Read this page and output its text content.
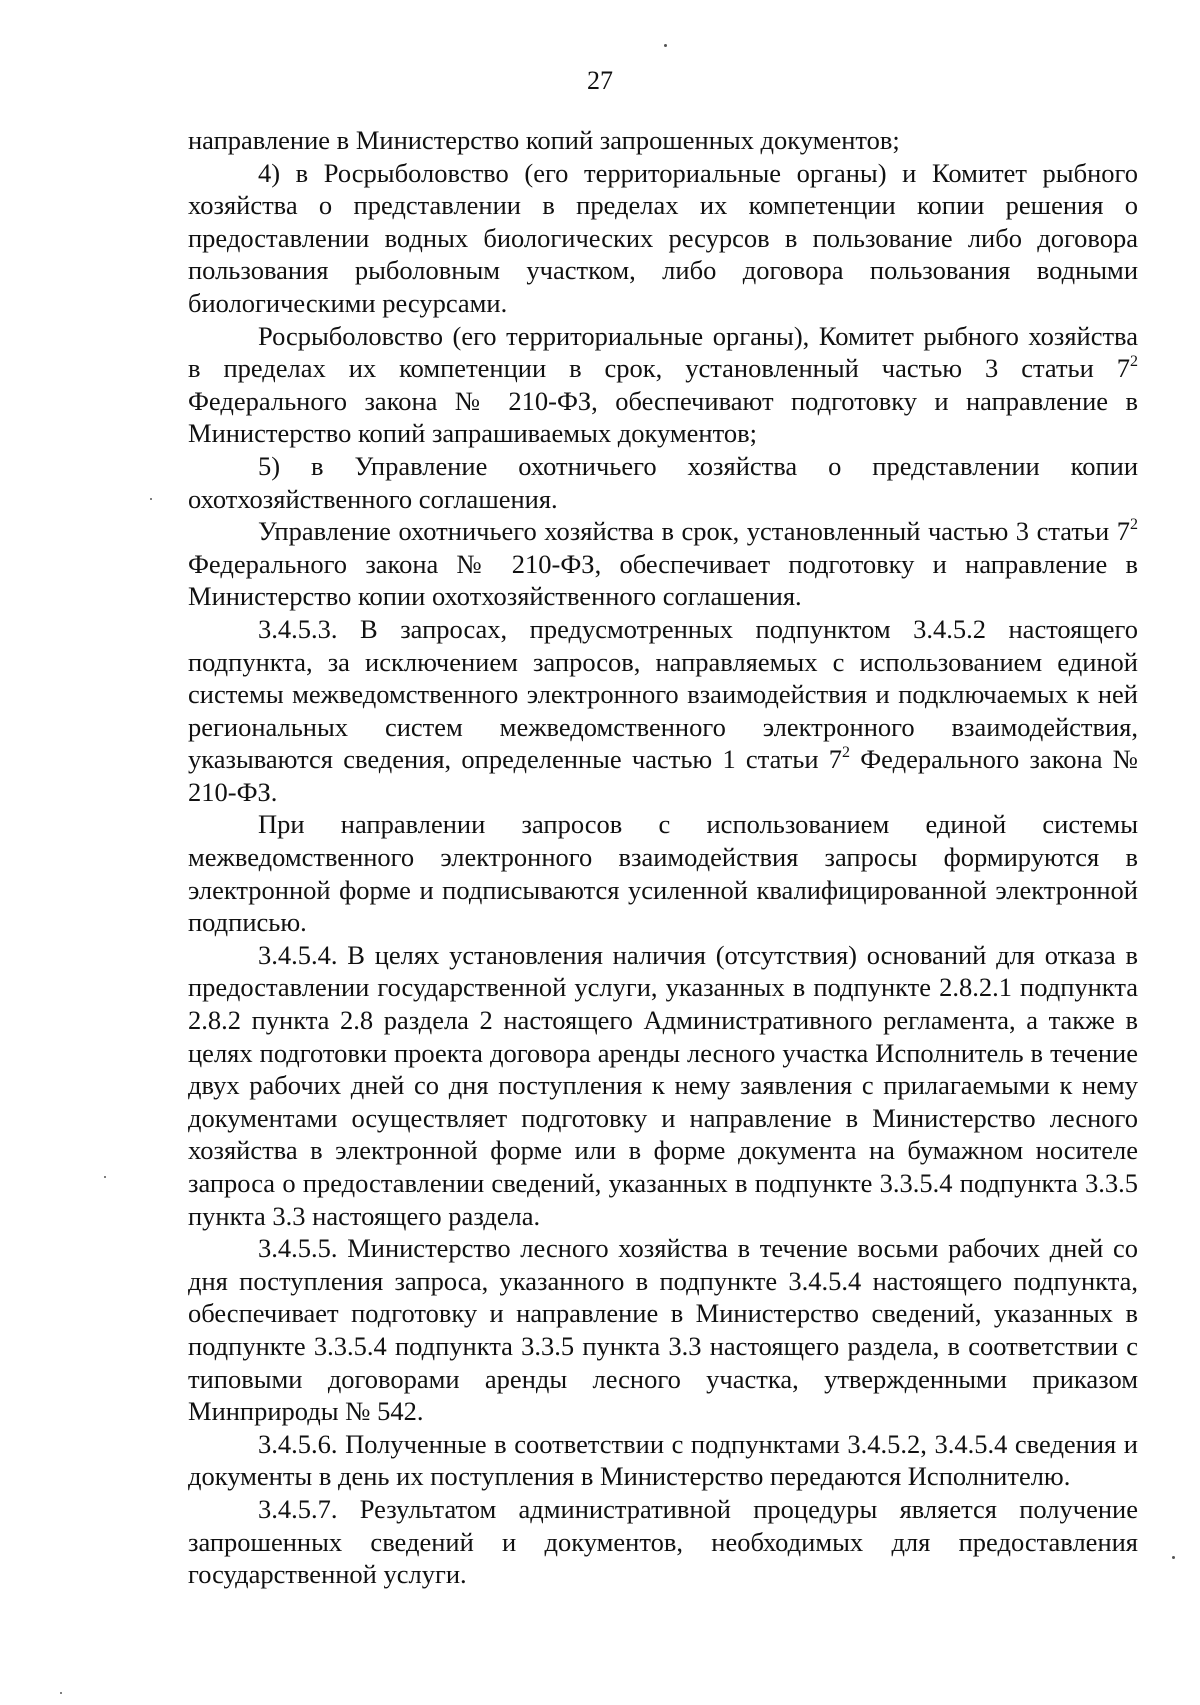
27

направление в Министерство копий запрошенных документов;

4) в Росрыболовство (его территориальные органы) и Комитет рыбного хозяйства о представлении в пределах их компетенции копии решения о предоставлении водных биологических ресурсов в пользование либо договора пользования рыболовным участком, либо договора пользования водными биологическими ресурсами.

Росрыболовство (его территориальные органы), Комитет рыбного хозяйства в пределах их компетенции в срок, установленный частью 3 статьи $7^2$ Федерального закона № 210-ФЗ, обеспечивают подготовку и направление в Министерство копий запрашиваемых документов;

5) в Управление охотничьего хозяйства о представлении копии охотхозяйственного соглашения.

Управление охотничьего хозяйства в срок, установленный частью 3 статьи $7^2$ Федерального закона № 210-ФЗ, обеспечивает подготовку и направление в Министерство копии охотхозяйственного соглашения.

3.4.5.3. В запросах, предусмотренных подпунктом 3.4.5.2 настоящего подпункта, за исключением запросов, направляемых с использованием единой системы межведомственного электронного взаимодействия и подключаемых к ней региональных систем межведомственного электронного взаимодействия, указываются сведения, определенные частью 1 статьи $7^2$ Федерального закона № 210-ФЗ.

При направлении запросов с использованием единой системы межведомственного электронного взаимодействия запросы формируются в электронной форме и подписываются усиленной квалифицированной электронной подписью.

3.4.5.4. В целях установления наличия (отсутствия) оснований для отказа в предоставлении государственной услуги, указанных в подпункте 2.8.2.1 подпункта 2.8.2 пункта 2.8 раздела 2 настоящего Административного регламента, а также в целях подготовки проекта договора аренды лесного участка Исполнитель в течение двух рабочих дней со дня поступления к нему заявления с прилагаемыми к нему документами осуществляет подготовку и направление в Министерство лесного хозяйства в электронной форме или в форме документа на бумажном носителе запроса о предоставлении сведений, указанных в подпункте 3.3.5.4 подпункта 3.3.5 пункта 3.3 настоящего раздела.

3.4.5.5. Министерство лесного хозяйства в течение восьми рабочих дней со дня поступления запроса, указанного в подпункте 3.4.5.4 настоящего подпункта, обеспечивает подготовку и направление в Министерство сведений, указанных в подпункте 3.3.5.4 подпункта 3.3.5 пункта 3.3 настоящего раздела, в соответствии с типовыми договорами аренды лесного участка, утвержденными приказом Минприроды № 542.

3.4.5.6. Полученные в соответствии с подпунктами 3.4.5.2, 3.4.5.4 сведения и документы в день их поступления в Министерство передаются Исполнителю.

3.4.5.7. Результатом административной процедуры является получение запрошенных сведений и документов, необходимых для предоставления государственной услуги.
